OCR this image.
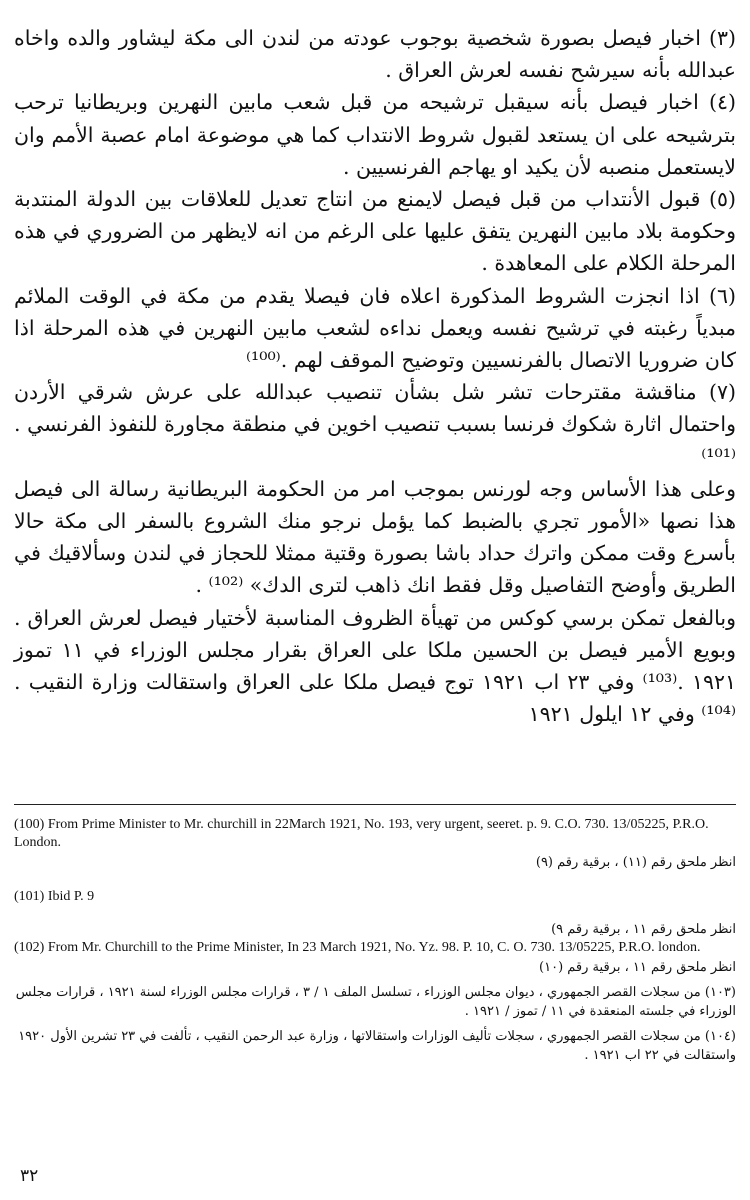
(٣) اخبار فيصل بصورة شخصية بوجوب عودته من لندن الى مكة ليشاور والده واخاه عبدالله بأنه سيرشح نفسه لعرش العراق .

(٤) اخبار فيصل بأنه سيقبل ترشيحه من قبل شعب مابين النهرين وبريطانيا ترحب بترشيحه على ان يستعد لقبول شروط الانتداب كما هي موضوعة امام عصبة الأمم وان لايستعمل منصبه لأن يكيد او يهاجم الفرنسيين .

(٥) قبول الأنتداب من قبل فيصل لايمنع من انتاج تعديل للعلاقات بين الدولة المنتدبة وحكومة بلاد مابين النهرين يتفق عليها على الرغم من انه لايظهر من الضروري في هذه المرحلة الكلام على المعاهدة .

(٦) اذا انجزت الشروط المذكورة اعلاه فان فيصلا يقدم من مكة في الوقت الملائم مبدياً رغبته في ترشيح نفسه ويعمل نداءه لشعب مابين النهرين في هذه المرحلة اذا كان ضروريا الاتصال بالفرنسيين وتوضيح الموقف لهم .⁽¹⁰⁰⁾

(٧) مناقشة مقترحات تشر شل بشأن تنصيب عبدالله على عرش شرقي الأردن واحتمال اثارة شكوك فرنسا بسبب تنصيب اخوين في منطقة مجاورة للنفوذ الفرنسي .⁽¹⁰¹⁾

وعلى هذا الأساس وجه لورنس بموجب امر من الحكومة البريطانية رسالة الى فيصل هذا نصها «الأمور تجري بالضبط كما يؤمل نرجو منك الشروع بالسفر الى مكة حالا بأسرع وقت ممكن واترك حداد باشا بصورة وقتية ممثلا للحجاز في لندن وسألاقيك في الطريق وأوضح التفاصيل وقل فقط انك ذاهب لترى الدك» ⁽¹⁰²⁾ .

وبالفعل تمكن برسي كوكس من تهيأة الظروف المناسبة لأختيار فيصل لعرش العراق . وبويع الأمير فيصل بن الحسين ملكا على العراق بقرار مجلس الوزراء في ١١ تموز ١٩٢١ .⁽¹⁰³⁾ وفي ٢٣ اب ١٩٢١ توج فيصل ملكا على العراق واستقالت وزارة النقيب .⁽¹⁰⁴⁾ وفي ١٢ ايلول ١٩٢١

(100) From Prime Minister to Mr. churchill in 22March 1921, No. 193, very urgent, seeret. p. 9. C.O. 730. 13/05225, P.R.O. London.
انظر ملحق رقم (١١) ، برقية رقم (٩)
(101) Ibid P. 9
انظر ملحق رقم ١١ ، برقية رقم ٩)
(102) From Mr. Churchill to the Prime Minister, In 23 March 1921, No. Yz. 98. P. 10, C. O. 730. 13/05225, P.R.O. london.
انظر ملحق رقم ١١ ، برقية رقم (١٠)
(١٠٣) من سجلات القصر الجمهوري ، ديوان مجلس الوزراء ، تسلسل الملف ١ / ٣ ، قرارات مجلس الوزراء لسنة ١٩٢١ ، قرارات مجلس الوزراء في جلسته المنعقدة في ١١ / تموز / ١٩٢١ .
(١٠٤) من سجلات القصر الجمهوري ، سجلات تأليف الوزارات واستقالاتها ، وزارة عبد الرحمن النقيب ، تألفت في ٢٣ تشرين الأول ١٩٢٠ واستقالت في ٢٢ اب ١٩٢١ .
٣٢
